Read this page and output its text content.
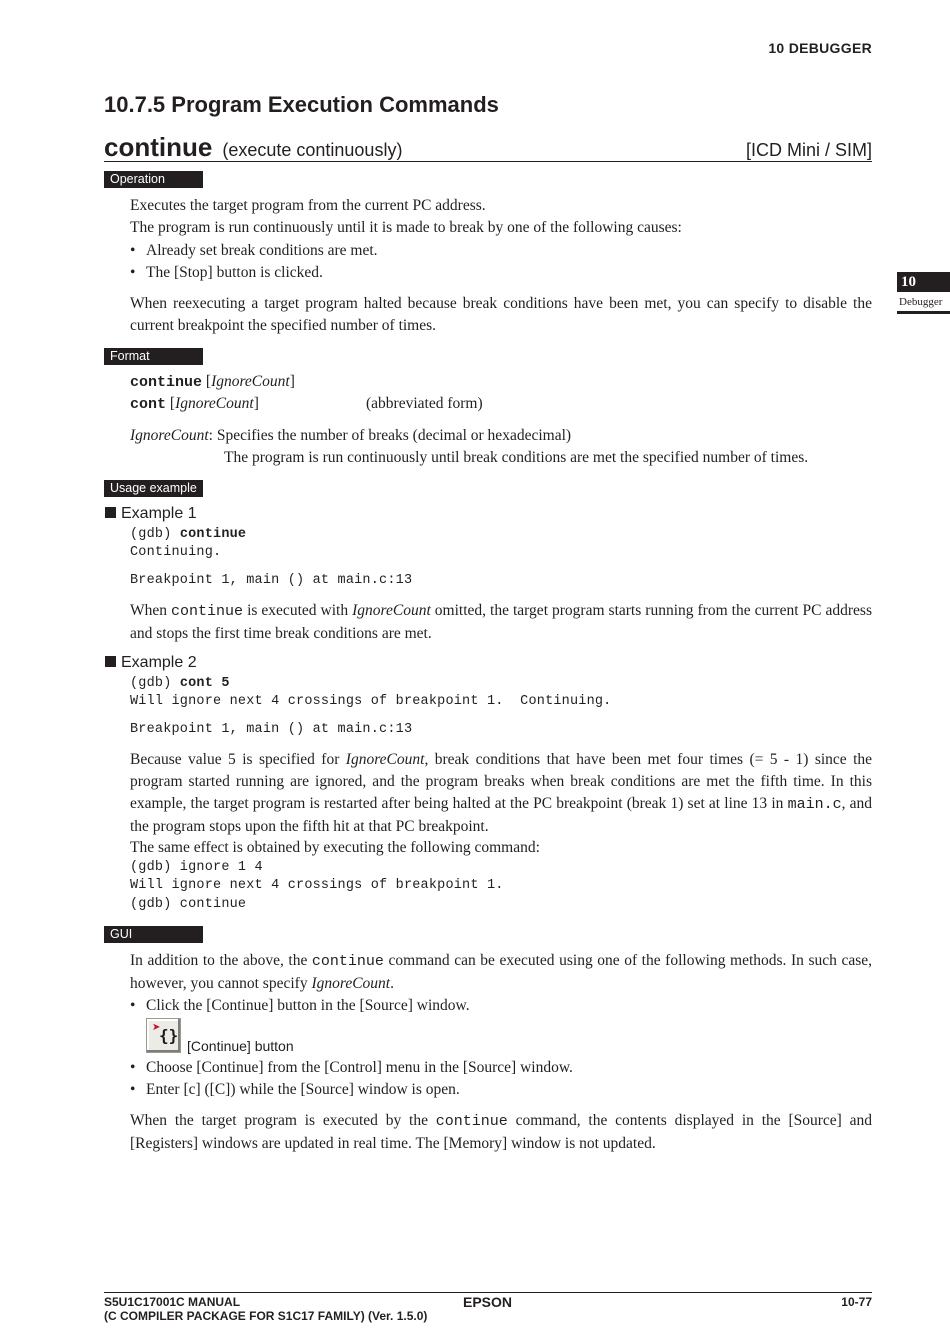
10 DEBUGGER
10.7.5 Program Execution Commands
continue (execute continuously)	[ICD Mini / SIM]
10
Debugger
Operation
Executes the target program from the current PC address.
The program is run continuously until it is made to break by one of the following causes:
• Already set break conditions are met.
• The [Stop] button is clicked.
When reexecuting a target program halted because break conditions have been met, you can specify to disable the current breakpoint the specified number of times.
Format
continue [IgnoreCount]
cont [IgnoreCount]	(abbreviated form)
IgnoreCount: Specifies the number of breaks (decimal or hexadecimal)
The program is run continuously until break conditions are met the specified number of times.
Usage example
Example 1
(gdb) continue
Continuing.
Breakpoint 1, main () at main.c:13
When continue is executed with IgnoreCount omitted, the target program starts running from the current PC address and stops the first time break conditions are met.
Example 2
(gdb) cont 5
Will ignore next 4 crossings of breakpoint 1.  Continuing.
Breakpoint 1, main () at main.c:13
Because value 5 is specified for IgnoreCount, break conditions that have been met four times (= 5 - 1) since the program started running are ignored, and the program breaks when break conditions are met the fifth time. In this example, the target program is restarted after being halted at the PC breakpoint (break 1) set at line 13 in main.c, and the program stops upon the fifth hit at that PC breakpoint.
The same effect is obtained by executing the following command:
(gdb) ignore 1 4
Will ignore next 4 crossings of breakpoint 1.
(gdb) continue
GUI
In addition to the above, the continue command can be executed using one of the following methods. In such case, however, you cannot specify IgnoreCount.
• Click the [Continue] button in the [Source] window.
➤
{}
[Continue] button
• Choose [Continue] from the [Control] menu in the [Source] window.
• Enter [c] ([C]) while the [Source] window is open.
When the target program is executed by the continue command, the contents displayed in the [Source] and [Registers] windows are updated in real time. The [Memory] window is not updated.
S5U1C17001C MANUAL
(C COMPILER PACKAGE FOR S1C17 FAMILY) (Ver. 1.5.0)
EPSON	10-77
